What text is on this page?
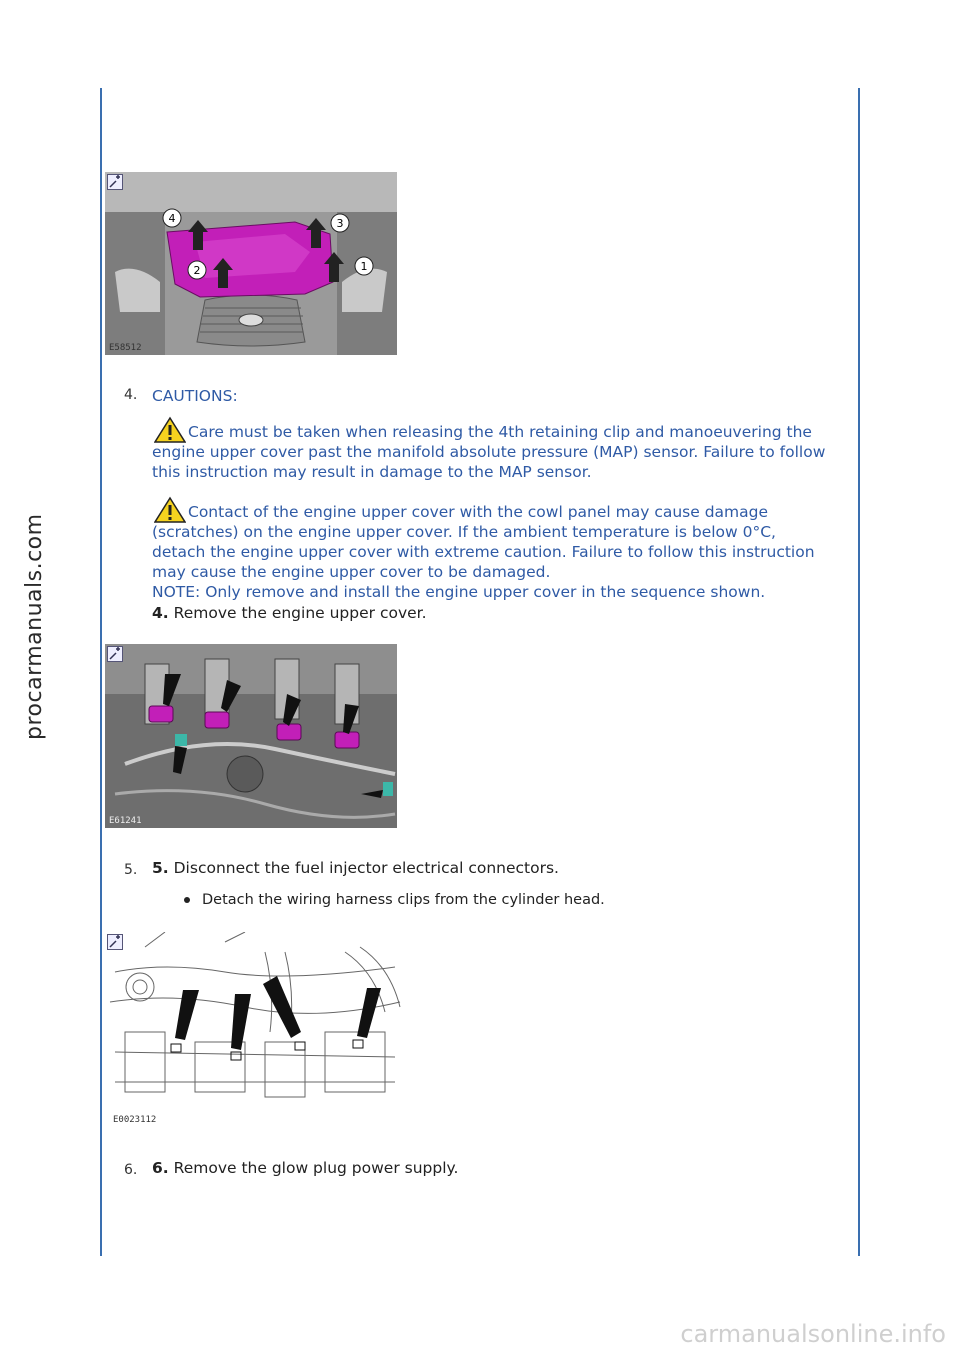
procarmanuals.com
4
2
3
1
E58512
4. CAUTIONS:
Care must be taken when releasing the 4th retaining clip and manoeuvering the engine upper cover past the manifold absolute pressure (MAP) sensor. Failure to follow this instruction may result in damage to the MAP sensor.
Contact of the engine upper cover with the cowl panel may cause damage (scratches) on the engine upper cover. If the ambient temperature is below 0°C, detach the engine upper cover with extreme caution. Failure to follow this instruction may cause the engine upper cover to be damaged.
NOTE: Only remove and install the engine upper cover in the sequence shown.
4. Remove the engine upper cover.
E61241
5. 5. Disconnect the fuel injector electrical connectors.
Detach the wiring harness clips from the cylinder head.
E0023112
6. 6. Remove the glow plug power supply.
carmanualsonline.info
